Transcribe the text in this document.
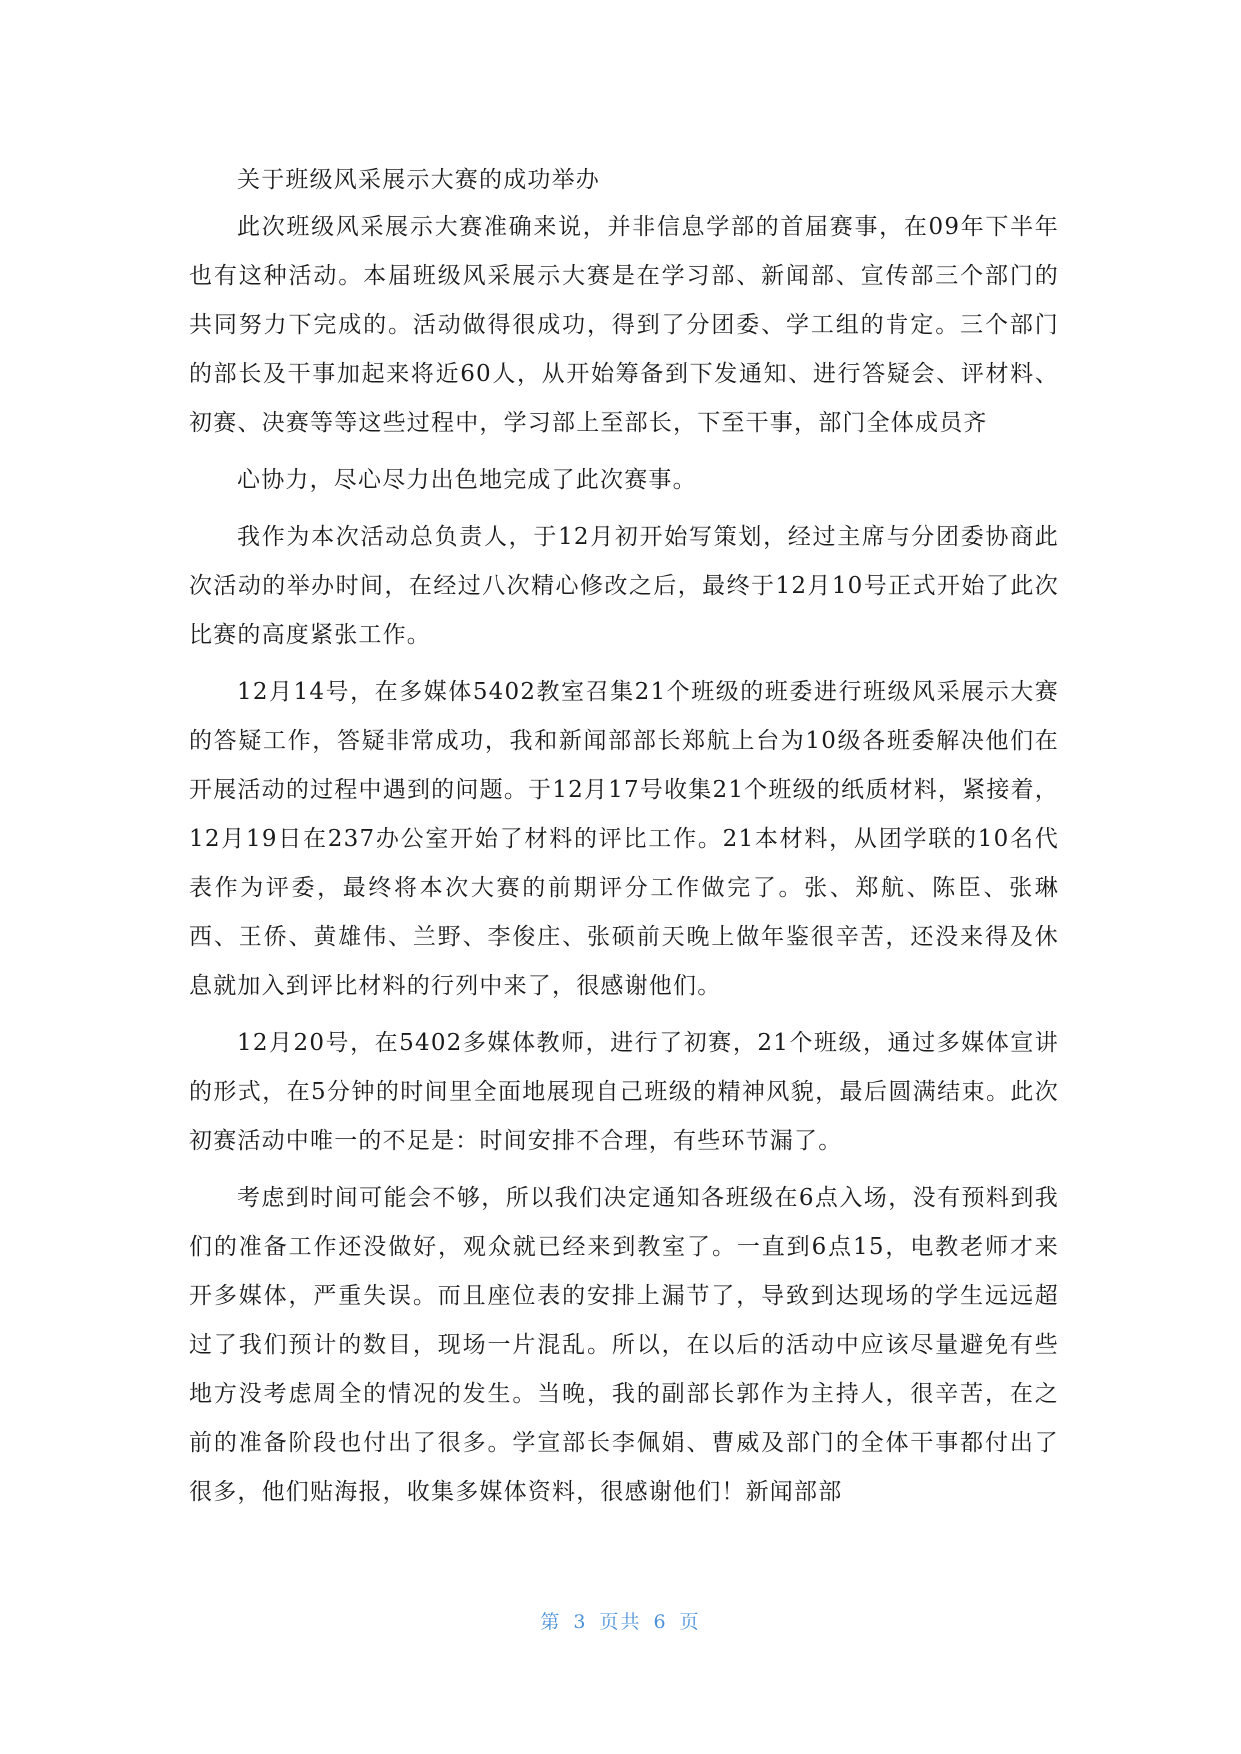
关于班级风采展示大赛的成功举办

此次班级风采展示大赛准确来说，并非信息学部的首届赛事，在09年下半年也有这种活动。本届班级风采展示大赛是在学习部、新闻部、宣传部三个部门的共同努力下完成的。活动做得很成功，得到了分团委、学工组的肯定。三个部门的部长及干事加起来将近60人，从开始筹备到下发通知、进行答疑会、评材料、初赛、决赛等等这些过程中，学习部上至部长，下至干事，部门全体成员齐

心协力，尽心尽力出色地完成了此次赛事。

我作为本次活动总负责人，于12月初开始写策划，经过主席与分团委协商此次活动的举办时间，在经过八次精心修改之后，最终于12月10号正式开始了此次比赛的高度紧张工作。

12月14号，在多媒体5402教室召集21个班级的班委进行班级风采展示大赛的答疑工作，答疑非常成功，我和新闻部部长郑航上台为10级各班委解决他们在开展活动的过程中遇到的问题。于12月17号收集21个班级的纸质材料，紧接着，12月19日在237办公室开始了材料的评比工作。21本材料，从团学联的10名代表作为评委，最终将本次大赛的前期评分工作做完了。张、郑航、陈臣、张琳西、王侨、黄雄伟、兰野、李俊庄、张硕前天晚上做年鉴很辛苦，还没来得及休息就加入到评比材料的行列中来了，很感谢他们。

12月20号，在5402多媒体教师，进行了初赛，21个班级，通过多媒体宣讲的形式，在5分钟的时间里全面地展现自己班级的精神风貌，最后圆满结束。此次初赛活动中唯一的不足是：时间安排不合理，有些环节漏了。

考虑到时间可能会不够，所以我们决定通知各班级在6点入场，没有预料到我们的准备工作还没做好，观众就已经来到教室了。一直到6点15，电教老师才来开多媒体，严重失误。而且座位表的安排上漏节了，导致到达现场的学生远远超过了我们预计的数目，现场一片混乱。所以，在以后的活动中应该尽量避免有些地方没考虑周全的情况的发生。当晚，我的副部长郭作为主持人，很辛苦，在之前的准备阶段也付出了很多。学宣部长李佩娟、曹威及部门的全体干事都付出了很多，他们贴海报，收集多媒体资料，很感谢他们！新闻部部

第 3 页共 6 页
